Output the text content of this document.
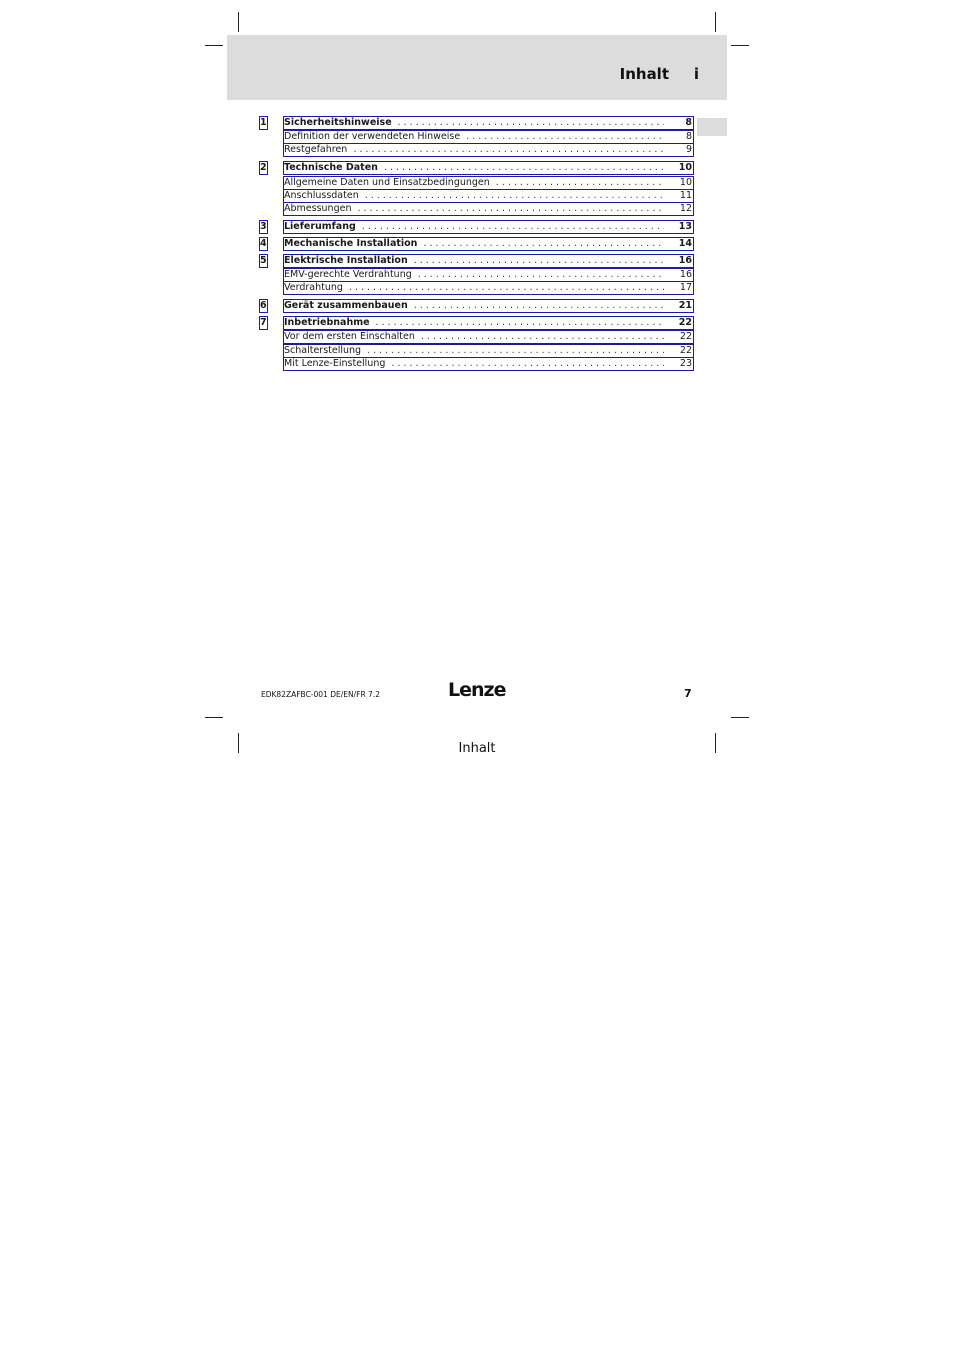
Inhalt i
1 Sicherheitshinweise .....	8
Definition der verwendeten Hinweise .....	8
Restgefahren .....	9
2 Technische Daten .....	10
Allgemeine Daten und Einsatzbedingungen .....	10
Anschlussdaten .....	11
Abmessungen .....	12
3 Lieferumfang .....	13
4 Mechanische Installation .....	14
5 Elektrische Installation .....	16
EMV-gerechte Verdrahtung .....	16
Verdrahtung .....	17
6 Gerät zusammenbauen .....	21
7 Inbetriebnahme .....	22
Vor dem ersten Einschalten .....	22
Schalterstellung .....	22
Mit Lenze-Einstellung .....	23
EDK82ZAFBC-001 DE/EN/FR 7.2	Lenze	7
Inhalt
